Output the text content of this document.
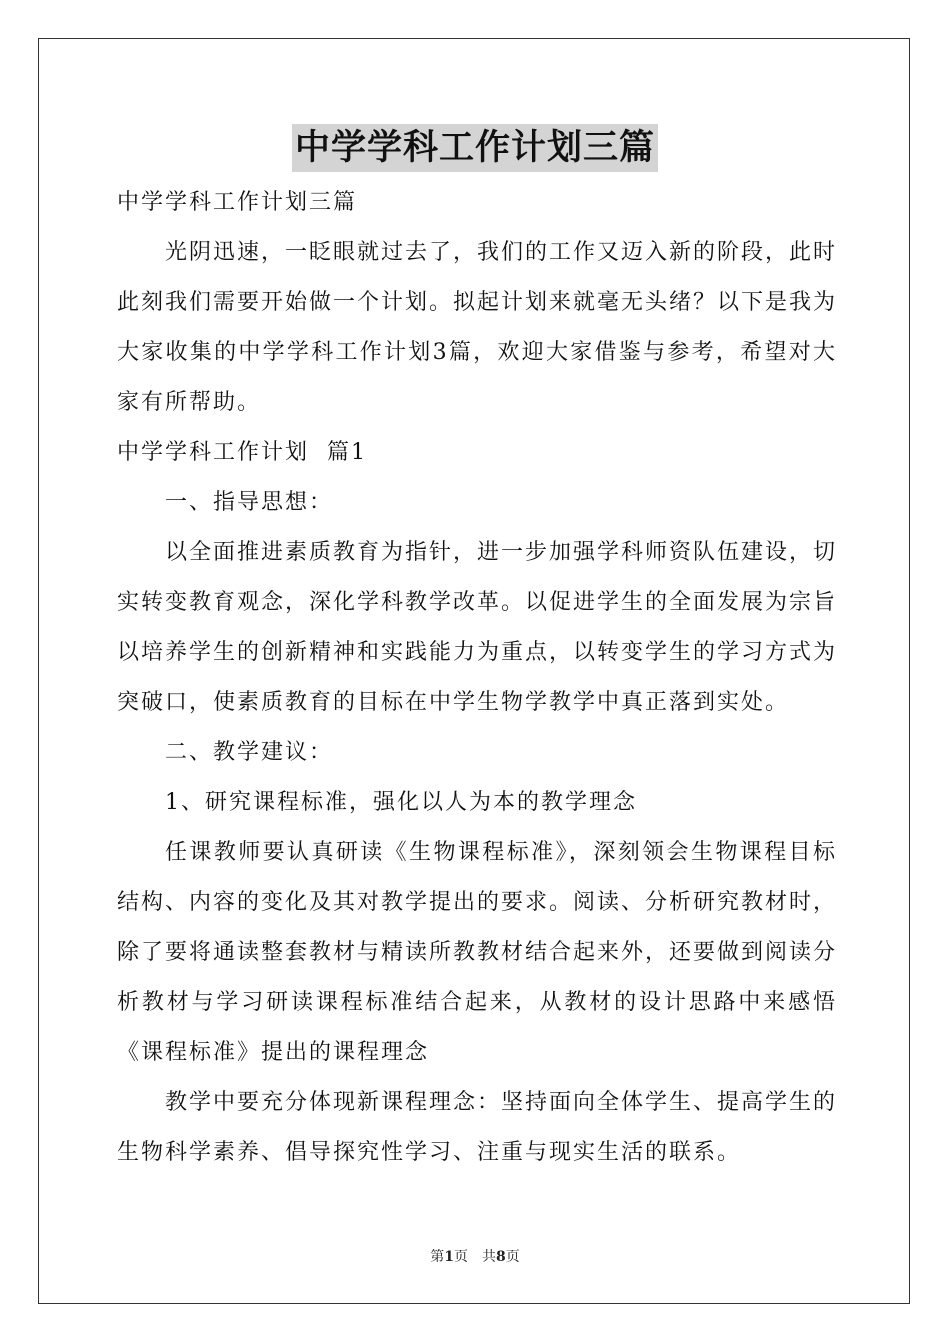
中学学科工作计划三篇

中学学科工作计划三篇

光阴迅速，一眨眼就过去了，我们的工作又迈入新的阶段，此时此刻我们需要开始做一个计划。拟起计划来就毫无头绪？以下是我为大家收集的中学学科工作计划3篇，欢迎大家借鉴与参考，希望对大家有所帮助。

中学学科工作计划  篇1

一、指导思想：

以全面推进素质教育为指针，进一步加强学科师资队伍建设，切实转变教育观念，深化学科教学改革。以促进学生的全面发展为宗旨以培养学生的创新精神和实践能力为重点，以转变学生的学习方式为突破口，使素质教育的目标在中学生物学教学中真正落到实处。

二、教学建议：

1、研究课程标准，强化以人为本的教学理念

任课教师要认真研读《生物课程标准》，深刻领会生物课程目标结构、内容的变化及其对教学提出的要求。阅读、分析研究教材时，除了要将通读整套教材与精读所教教材结合起来外，还要做到阅读分析教材与学习研读课程标准结合起来，从教材的设计思路中来感悟《课程标准》提出的课程理念

教学中要充分体现新课程理念：坚持面向全体学生、提高学生的生物科学素养、倡导探究性学习、注重与现实生活的联系。

第1页　共8页
